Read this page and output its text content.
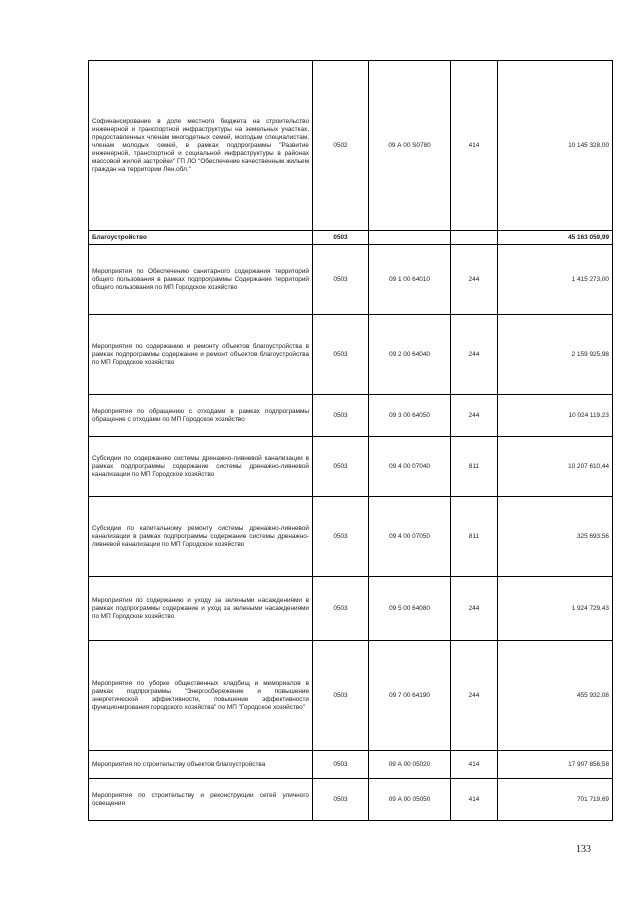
Софинансирование в доле местного бюджета на строительство инженерной и транспортной инфраструктуры на земельных участках, предоставленных членам многодетных семей, молодым специалистам, членам молодых семей, в рамках подпрограммы "Развитие инженерной, транспортной и социальной инфраструктуры в районах массовой жилой застройки" ГП ЛО "Обеспечение качественным жильем граждан на территории Лен.обл."	0502	09 А 00 S0780	414	10 145 328,00
Благоустройство	0503			45 163 059,99
Мероприятия по Обеспечению санитарного содержания территорий общего пользования в рамках подпрограммы Содержание территорий общего пользования по МП Городское хозяйство	0503	09 1 00 64010	244	1 415 273,00
Мероприятия по содержанию и ремонту объектов благоустройства в рамках подпрограммы содержание и ремонт объектов благоустройства по МП Городское хозяйство	0503	09 2 00 64040	244	2 159 925,98
Мероприятия по обращению с отходами в рамках подпрограммы обращение с отходами по МП Городское хозяйство	0503	09 3 00 64050	244	10 024 119,23
Субсидии по содержанию системы дренажно-ливневой канализации в рамках подпрограммы содержание системы дренажно-ливневой канализации по МП Городское хозяйство	0503	09 4 00 07040	811	10 207 610,44
Субсидии по капитальному ремонту системы дренажно-ливневой канализации в рамках подпрограммы содержание системы дренажно-ливневой канализации по МП Городское хозяйство	0503	09 4 00 07050	811	325 693,56
Мероприятия по содержанию и уходу за зелеными насаждениями в рамках подпрограммы содержание и уход за зелеными насаждениями по МП Городское хозяйство	0503	09 5 00 64080	244	1 924 729,43
Мероприятия по уборке общественных кладбищ и мемориалов в рамках подпрограммы "Энергосбережение и повышение энергетической эффективности, повышение эффективности функционирования городского хозяйства" по МП "Городское хозяйство"	0503	09 7 00 64190	244	455 932,08
Мероприятия по строительству объектов благоустройства	0503	09 А 00 05020	414	17 907 856,58
Мероприятия по строительству и реконструкции сетей уличного освещения	0503	09 А 00 05050	414	701 719,69
133
